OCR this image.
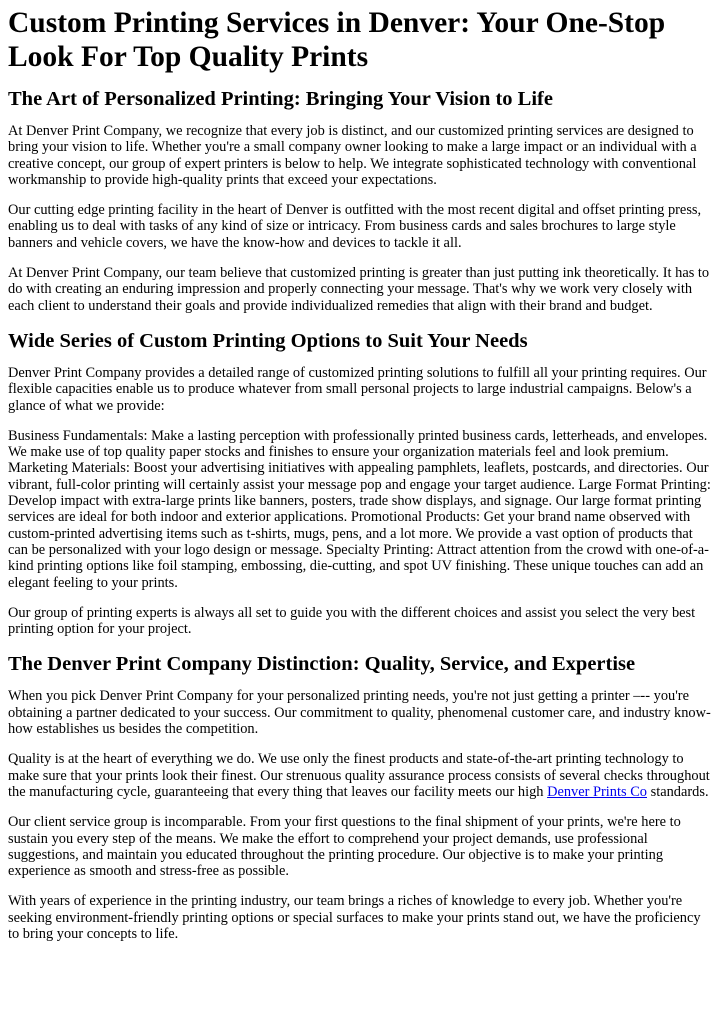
Custom Printing Services in Denver: Your One-Stop Look For Top Quality Prints
The Art of Personalized Printing: Bringing Your Vision to Life

At Denver Print Company, we recognize that every job is distinct, and our customized printing services are designed to bring your vision to life. Whether you're a small company owner looking to make a large impact or an individual with a creative concept, our group of expert printers is below to help. We integrate sophisticated technology with conventional workmanship to provide high-quality prints that exceed your expectations.

Our cutting edge printing facility in the heart of Denver is outfitted with the most recent digital and offset printing press, enabling us to deal with tasks of any kind of size or intricacy. From business cards and sales brochures to large style banners and vehicle covers, we have the know-how and devices to tackle it all.

At Denver Print Company, our team believe that customized printing is greater than just putting ink theoretically. It has to do with creating an enduring impression and properly connecting your message. That's why we work very closely with each client to understand their goals and provide individualized remedies that align with their brand and budget.

Wide Series of Custom Printing Options to Suit Your Needs

Denver Print Company provides a detailed range of customized printing solutions to fulfill all your printing requires. Our flexible capacities enable us to produce whatever from small personal projects to large industrial campaigns. Below's a glance of what we provide:

Business Fundamentals: Make a lasting perception with professionally printed business cards, letterheads, and envelopes. We make use of top quality paper stocks and finishes to ensure your organization materials feel and look premium. Marketing Materials: Boost your advertising initiatives with appealing pamphlets, leaflets, postcards, and directories. Our vibrant, full-color printing will certainly assist your message pop and engage your target audience. Large Format Printing: Develop impact with extra-large prints like banners, posters, trade show displays, and signage. Our large format printing services are ideal for both indoor and exterior applications. Promotional Products: Get your brand name observed with custom-printed advertising items such as t-shirts, mugs, pens, and a lot more. We provide a vast option of products that can be personalized with your logo design or message. Specialty Printing: Attract attention from the crowd with one-of-a-kind printing options like foil stamping, embossing, die-cutting, and spot UV finishing. These unique touches can add an elegant feeling to your prints.

Our group of printing experts is always all set to guide you with the different choices and assist you select the very best printing option for your project.

The Denver Print Company Distinction: Quality, Service, and Expertise

When you pick Denver Print Company for your personalized printing needs, you're not just getting a printer –-- you're obtaining a partner dedicated to your success. Our commitment to quality, phenomenal customer care, and industry know-how establishes us besides the competition.

Quality is at the heart of everything we do. We use only the finest products and state-of-the-art printing technology to make sure that your prints look their finest. Our strenuous quality assurance process consists of several checks throughout the manufacturing cycle, guaranteeing that every thing that leaves our facility meets our high Denver Prints Co standards.

Our client service group is incomparable. From your first questions to the final shipment of your prints, we're here to sustain you every step of the means. We make the effort to comprehend your project demands, use professional suggestions, and maintain you educated throughout the printing procedure. Our objective is to make your printing experience as smooth and stress-free as possible.

With years of experience in the printing industry, our team brings a riches of knowledge to every job. Whether you're seeking environment-friendly printing options or special surfaces to make your prints stand out, we have the proficiency to bring your concepts to life.
